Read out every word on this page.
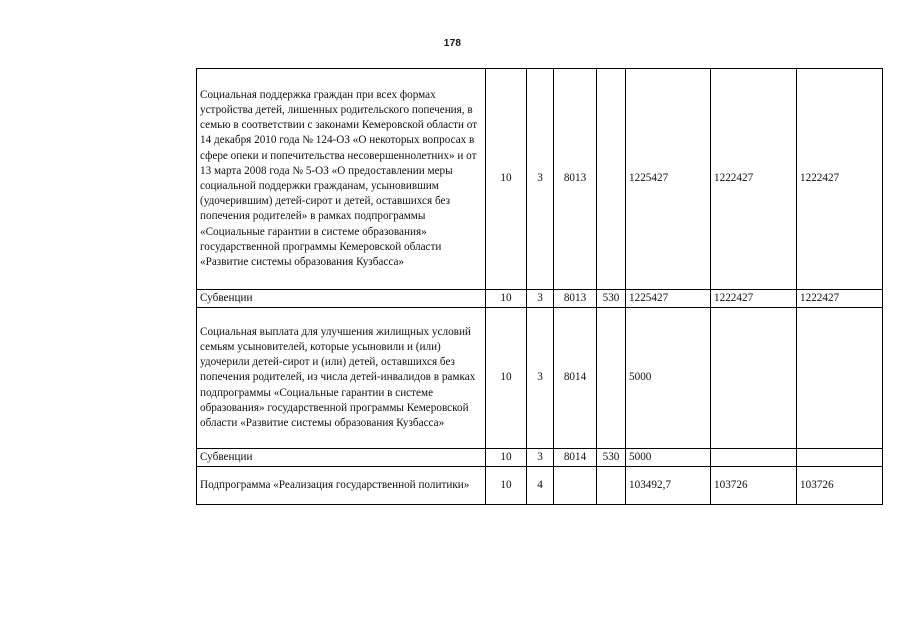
178
Социальная поддержка граждан при всех формах устройства детей, лишенных родительского попечения, в семью в соответствии с законами Кемеровской области от 14 декабря 2010 года № 124-ОЗ «О некоторых вопросах в сфере опеки и попечительства несовершеннолетних» и от 13 марта 2008 года № 5-ОЗ «О предоставлении меры социальной поддержки гражданам, усыновившим (удочерившим) детей-сирот и детей, оставшихся без попечения родителей» в рамках подпрограммы «Социальные гарантии в системе образования» государственной программы Кемеровской области «Развитие системы образования Кузбасса»	10	3	8013		1225427	1222427	1222427
Субвенции	10	3	8013	530	1225427	1222427	1222427
Социальная выплата для улучшения жилищных условий семьям усыновителей, которые усыновили и (или) удочерили детей-сирот и (или) детей, оставшихся без попечения родителей, из числа детей-инвалидов в рамках подпрограммы «Социальные гарантии в системе образования» государственной программы Кемеровской области «Развитие системы образования Кузбасса»	10	3	8014		5000		
Субвенции	10	3	8014	530	5000		
Подпрограмма «Реализация государственной политики»	10	4			103492,7	103726	103726
